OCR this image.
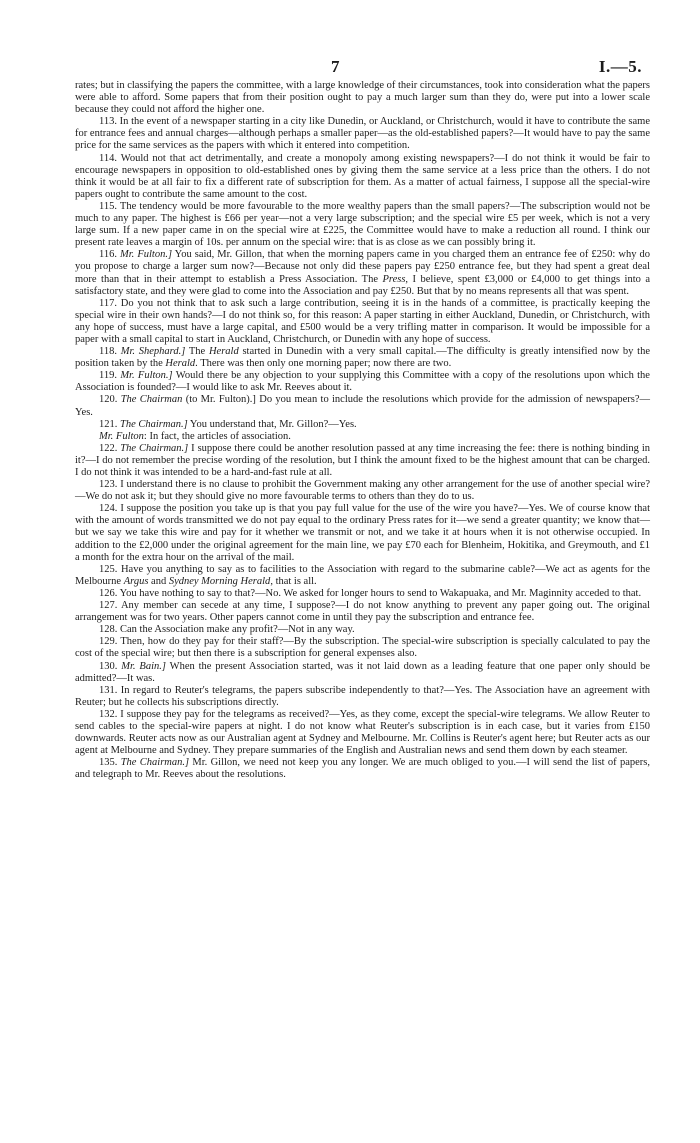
7	I.—5.

rates; but in classifying the papers the committee, with a large knowledge of their circumstances, took into consideration what the papers were able to afford. Some papers that from their position ought to pay a much larger sum than they do, were put into a lower scale because they could not afford the higher one.

113. In the event of a newspaper starting in a city like Dunedin, or Auckland, or Christchurch, would it have to contribute the same for entrance fees and annual charges—although perhaps a smaller paper—as the old-established papers?—It would have to pay the same price for the same services as the papers with which it entered into competition.

114. Would not that act detrimentally, and create a monopoly among existing newspapers?—I do not think it would be fair to encourage newspapers in opposition to old-established ones by giving them the same service at a less price than the others. I do not think it would be at all fair to fix a different rate of subscription for them. As a matter of actual fairness, I suppose all the special-wire papers ought to contribute the same amount to the cost.

115. The tendency would be more favourable to the more wealthy papers than the small papers?—The subscription would not be much to any paper. The highest is £66 per year—not a very large subscription; and the special wire £5 per week, which is not a very large sum. If a new paper came in on the special wire at £225, the Committee would have to make a reduction all round. I think our present rate leaves a margin of 10s. per annum on the special wire: that is as close as we can possibly bring it.

116. Mr. Fulton.] You said, Mr. Gillon, that when the morning papers came in you charged them an entrance fee of £250: why do you propose to charge a larger sum now?—Because not only did these papers pay £250 entrance fee, but they had spent a great deal more than that in their attempt to establish a Press Association. The Press, I believe, spent £3,000 or £4,000 to get things into a satisfactory state, and they were glad to come into the Association and pay £250. But that by no means represents all that was spent.

117. Do you not think that to ask such a large contribution, seeing it is in the hands of a committee, is practically keeping the special wire in their own hands?—I do not think so, for this reason: A paper starting in either Auckland, Dunedin, or Christchurch, with any hope of success, must have a large capital, and £500 would be a very trifling matter in comparison. It would be impossible for a paper with a small capital to start in Auckland, Christchurch, or Dunedin with any hope of success.

118. Mr. Shephard.] The Herald started in Dunedin with a very small capital.—The difficulty is greatly intensified now by the position taken by the Herald. There was then only one morning paper; now there are two.

119. Mr. Fulton.] Would there be any objection to your supplying this Committee with a copy of the resolutions upon which the Association is founded?—I would like to ask Mr. Reeves about it.

120. The Chairman (to Mr. Fulton).] Do you mean to include the resolutions which provide for the admission of newspapers?—Yes.

121. The Chairman.] You understand that, Mr. Gillon?—Yes.

Mr. Fulton: In fact, the articles of association.

122. The Chairman.] I suppose there could be another resolution passed at any time increasing the fee: there is nothing binding in it?—I do not remember the precise wording of the resolution, but I think the amount fixed to be the highest amount that can be charged. I do not think it was intended to be a hard-and-fast rule at all.

123. I understand there is no clause to prohibit the Government making any other arrangement for the use of another special wire?—We do not ask it; but they should give no more favourable terms to others than they do to us.

124. I suppose the position you take up is that you pay full value for the use of the wire you have?—Yes. We of course know that with the amount of words transmitted we do not pay equal to the ordinary Press rates for it—we send a greater quantity; we know that—but we say we take this wire and pay for it whether we transmit or not, and we take it at hours when it is not otherwise occupied. In addition to the £2,000 under the original agreement for the main line, we pay £70 each for Blenheim, Hokitika, and Greymouth, and £1 a month for the extra hour on the arrival of the mail.

125. Have you anything to say as to facilities to the Association with regard to the submarine cable?—We act as agents for the Melbourne Argus and Sydney Morning Herald, that is all.

126. You have nothing to say to that?—No. We asked for longer hours to send to Wakapuaka, and Mr. Maginnity acceded to that.

127. Any member can secede at any time, I suppose?—I do not know anything to prevent any paper going out. The original arrangement was for two years. Other papers cannot come in until they pay the subscription and entrance fee.

128. Can the Association make any profit?—Not in any way.

129. Then, how do they pay for their staff?—By the subscription. The special-wire subscription is specially calculated to pay the cost of the special wire; but then there is a subscription for general expenses also.

130. Mr. Bain.] When the present Association started, was it not laid down as a leading feature that one paper only should be admitted?—It was.

131. In regard to Reuter's telegrams, the papers subscribe independently to that?—Yes. The Association have an agreement with Reuter; but he collects his subscriptions directly.

132. I suppose they pay for the telegrams as received?—Yes, as they come, except the special-wire telegrams. We allow Reuter to send cables to the special-wire papers at night. I do not know what Reuter's subscription is in each case, but it varies from £150 downwards. Reuter acts now as our Australian agent at Sydney and Melbourne. Mr. Collins is Reuter's agent here; but Reuter acts as our agent at Melbourne and Sydney. They prepare summaries of the English and Australian news and send them down by each steamer.

135. The Chairman.] Mr. Gillon, we need not keep you any longer. We are much obliged to you.—I will send the list of papers, and telegraph to Mr. Reeves about the resolutions.
